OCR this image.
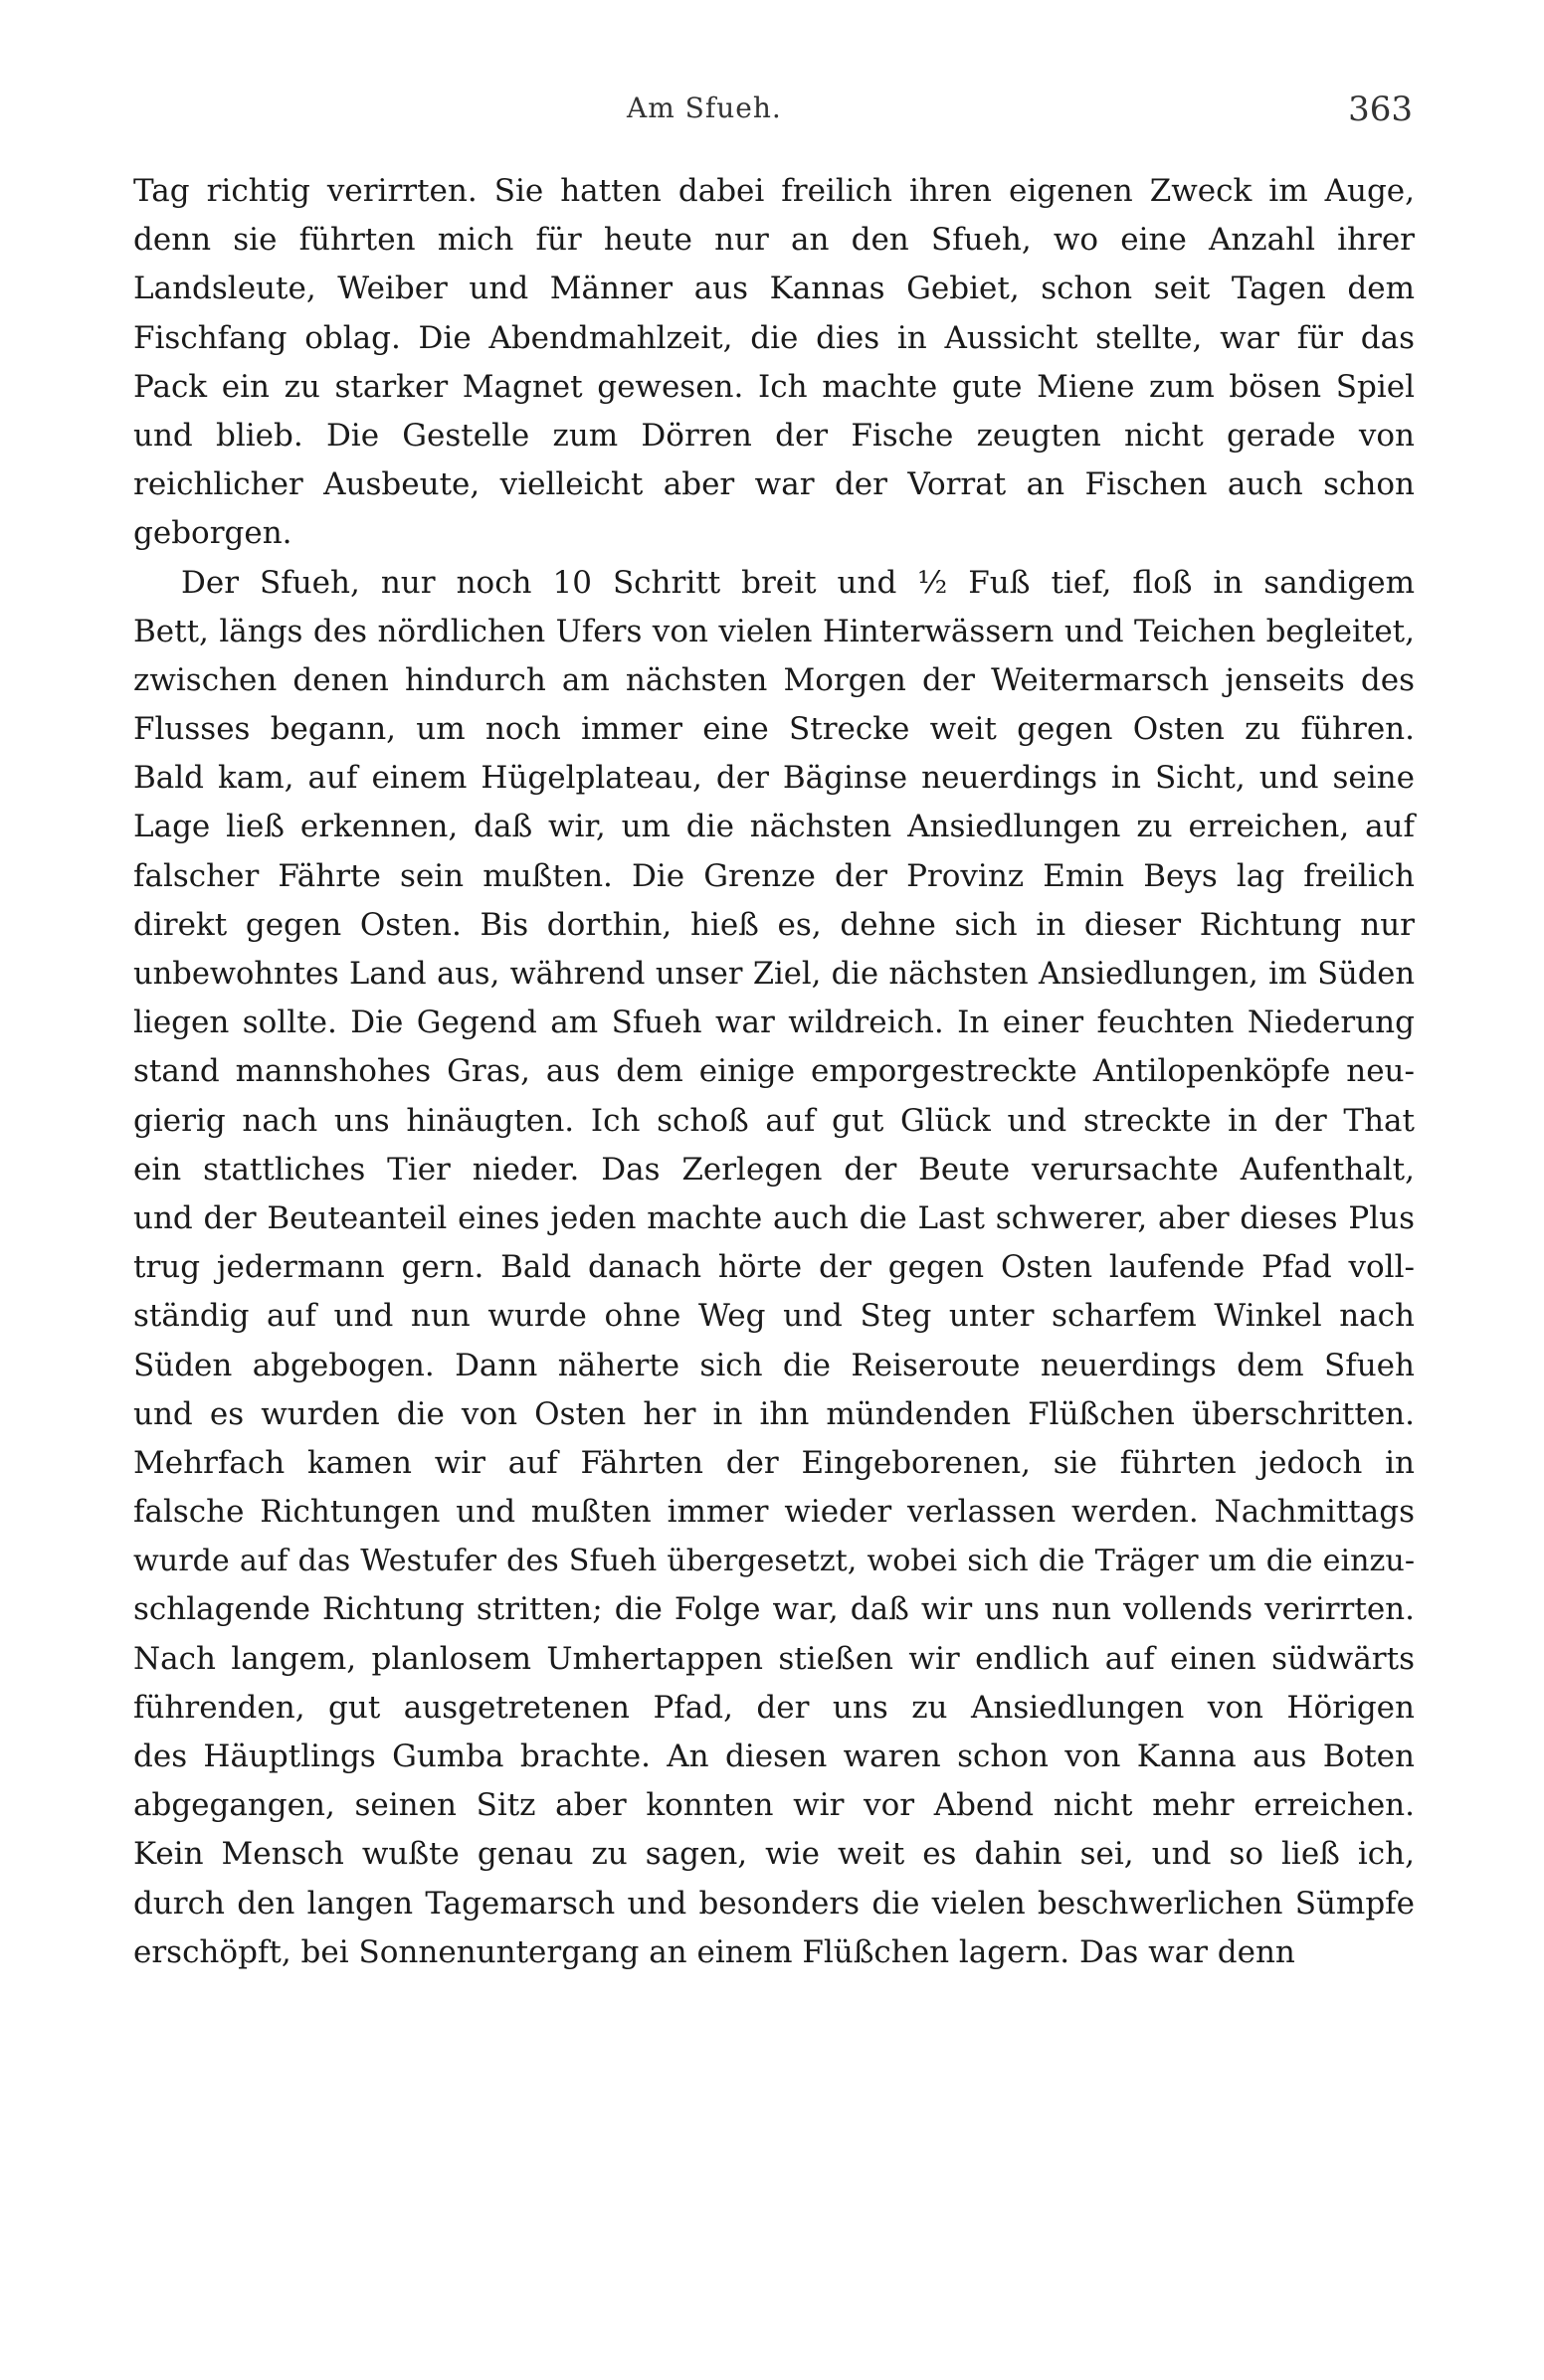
Am Sfueh.	363
Tag richtig verirrten. Sie hatten dabei freilich ihren eigenen Zweck im Auge,
denn sie führten mich für heute nur an den Sfueh, wo eine Anzahl ihrer
Landsleute, Weiber und Männer aus Kannas Gebiet, schon seit Tagen dem
Fischfang oblag. Die Abendmahlzeit, die dies in Aussicht stellte, war für das
Pack ein zu starker Magnet gewesen. Ich machte gute Miene zum bösen Spiel
und blieb. Die Gestelle zum Dörren der Fische zeugten nicht gerade von
reichlicher Ausbeute, vielleicht aber war der Vorrat an Fischen auch schon
geborgen.
Der Sfueh, nur noch 10 Schritt breit und ½ Fuß tief, floß in sandigem
Bett, längs des nördlichen Ufers von vielen Hinterwässern und Teichen begleitet,
zwischen denen hindurch am nächsten Morgen der Weitermarsch jenseits des
Flusses begann, um noch immer eine Strecke weit gegen Osten zu führen.
Bald kam, auf einem Hügelplateau, der Bäginse neuerdings in Sicht, und seine
Lage ließ erkennen, daß wir, um die nächsten Ansiedlungen zu erreichen, auf
falscher Fährte sein mußten. Die Grenze der Provinz Emin Beys lag freilich
direkt gegen Osten. Bis dorthin, hieß es, dehne sich in dieser Richtung nur
unbewohntes Land aus, während unser Ziel, die nächsten Ansiedlungen, im Süden
liegen sollte. Die Gegend am Sfueh war wildreich. In einer feuchten Niederung
stand mannshohes Gras, aus dem einige emporgestreckte Antilopenköpfe neu-
gierig nach uns hinäugten. Ich schoß auf gut Glück und streckte in der That
ein stattliches Tier nieder. Das Zerlegen der Beute verursachte Aufenthalt,
und der Beuteanteil eines jeden machte auch die Last schwerer, aber dieses Plus
trug jedermann gern. Bald danach hörte der gegen Osten laufende Pfad voll-
ständig auf und nun wurde ohne Weg und Steg unter scharfem Winkel nach
Süden abgebogen. Dann näherte sich die Reiseroute neuerdings dem Sfueh
und es wurden die von Osten her in ihn mündenden Flüßchen überschritten.
Mehrfach kamen wir auf Fährten der Eingeborenen, sie führten jedoch in
falsche Richtungen und mußten immer wieder verlassen werden. Nachmittags
wurde auf das Westufer des Sfueh übergesetzt, wobei sich die Träger um die einzu-
schlagende Richtung stritten; die Folge war, daß wir uns nun vollends verirrten.
Nach langem, planlosem Umhertappen stießen wir endlich auf einen südwärts
führenden, gut ausgetretenen Pfad, der uns zu Ansiedlungen von Hörigen
des Häuptlings Gumba brachte. An diesen waren schon von Kanna aus Boten
abgegangen, seinen Sitz aber konnten wir vor Abend nicht mehr erreichen.
Kein Mensch wußte genau zu sagen, wie weit es dahin sei, und so ließ ich,
durch den langen Tagemarsch und besonders die vielen beschwerlichen Sümpfe
erschöpft, bei Sonnenuntergang an einem Flüßchen lagern. Das war denn
